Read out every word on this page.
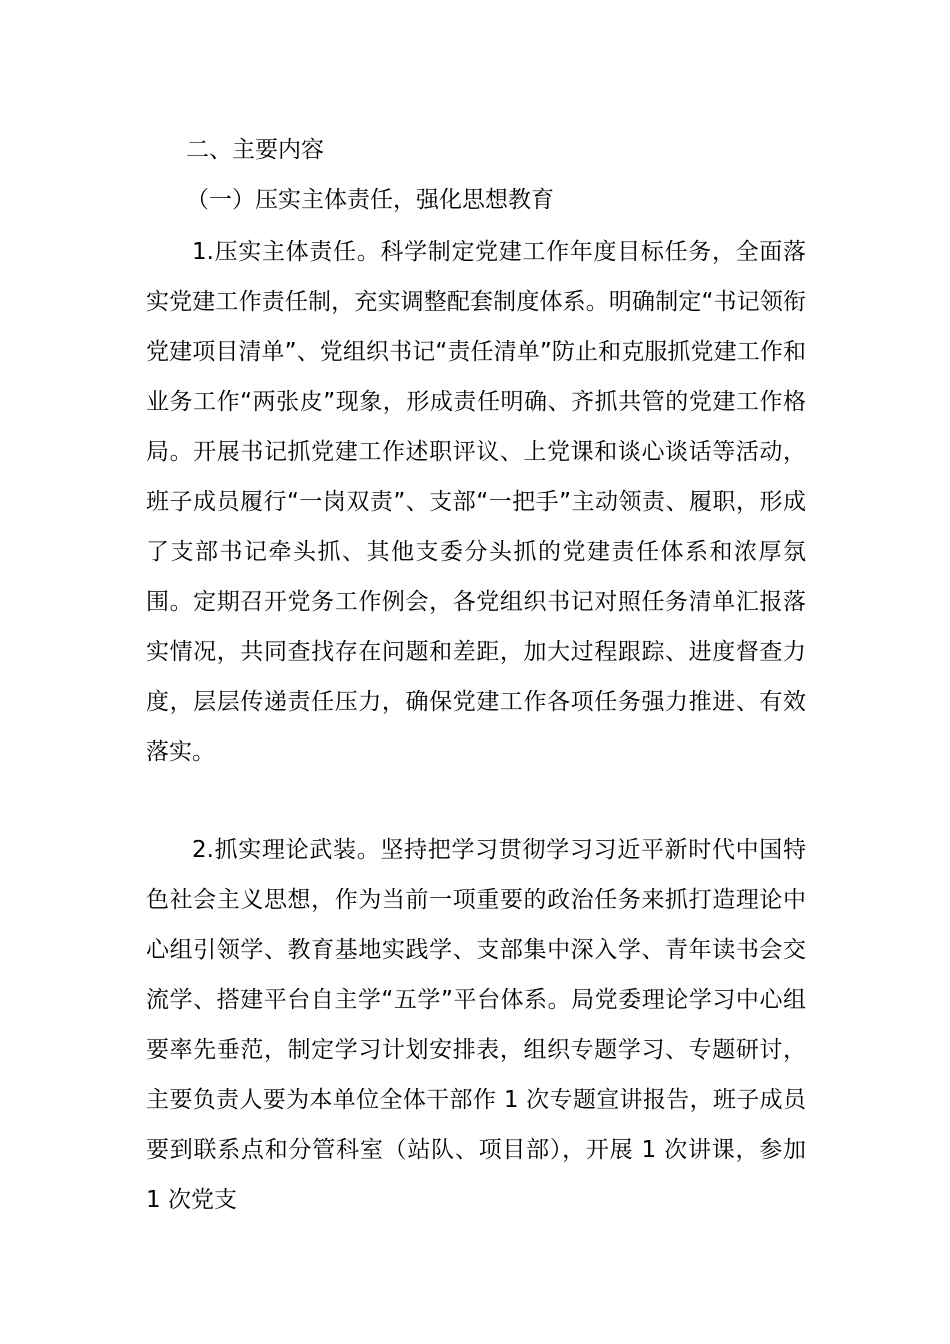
二、主要内容
（一）压实主体责任，强化思想教育

1.压实主体责任。科学制定党建工作年度目标任务，全面落实党建工作责任制，充实调整配套制度体系。明确制定“书记领衔党建项目清单”、党组织书记“责任清单”防止和克服抓党建工作和业务工作“两张皮”现象，形成责任明确、齐抓共管的党建工作格局。开展书记抓党建工作述职评议、上党课和谈心谈话等活动，班子成员履行“一岗双责”、支部“一把手”主动领责、履职，形成了支部书记牵头抓、其他支委分头抓的党建责任体系和浓厚氛围。定期召开党务工作例会，各党组织书记对照任务清单汇报落实情况，共同查找存在问题和差距，加大过程跟踪、进度督查力度，层层传递责任压力，确保党建工作各项任务强力推进、有效落实。

2.抓实理论武装。坚持把学习贯彻学习习近平新时代中国特色社会主义思想，作为当前一项重要的政治任务来抓打造理论中心组引领学、教育基地实践学、支部集中深入学、青年读书会交流学、搭建平台自主学“五学”平台体系。局党委理论学习中心组要率先垂范，制定学习计划安排表，组织专题学习、专题研讨，主要负责人要为本单位全体干部作 1 次专题宣讲报告，班子成员要到联系点和分管科室（站队、项目部），开展 1 次讲课，参加 1 次党支
